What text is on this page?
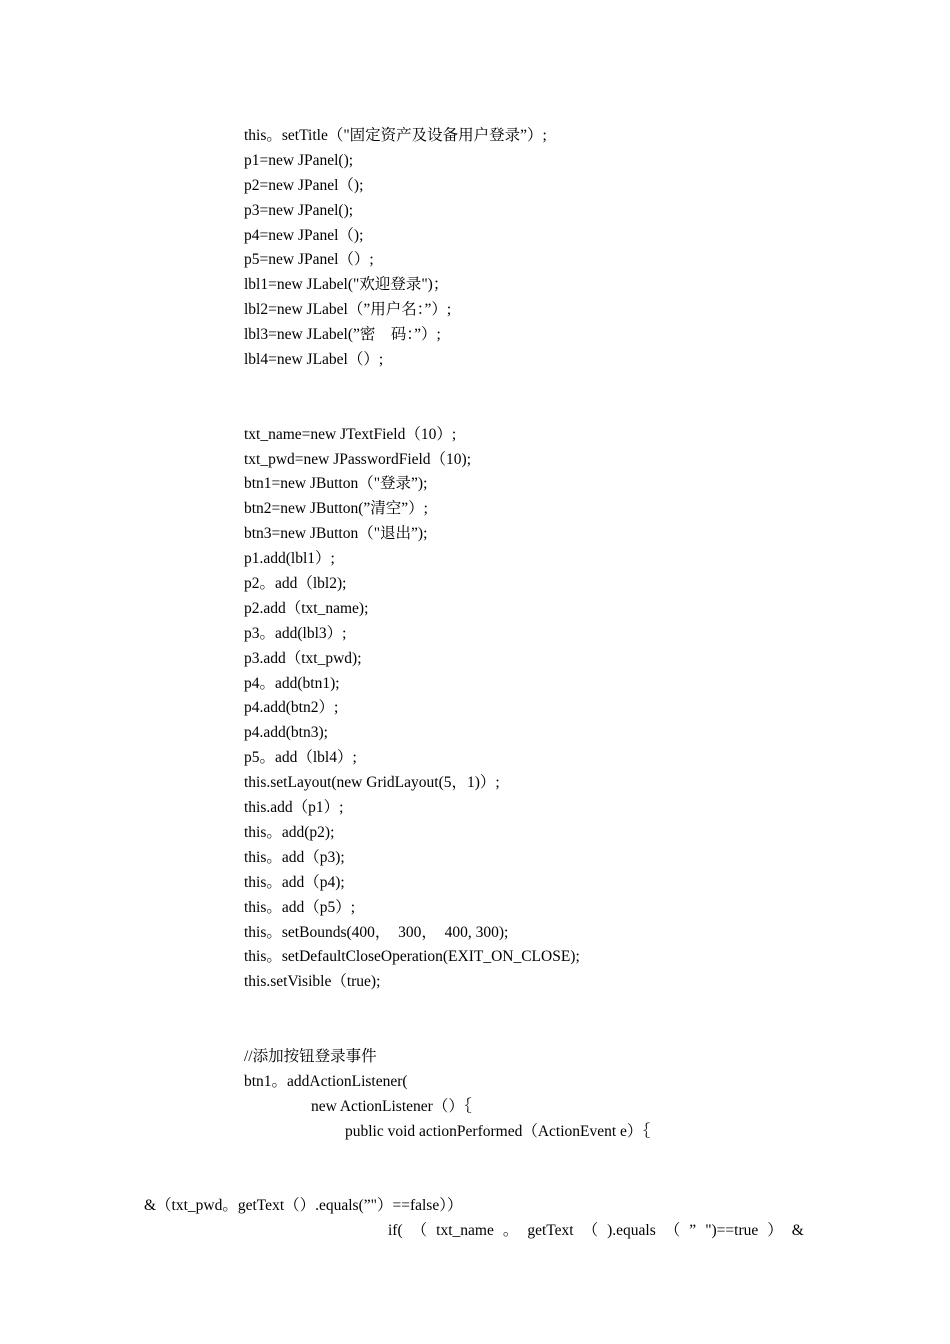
this。setTitle（"固定资产及设备用户登录”）;
p1=new JPanel();
p2=new JPanel（);
p3=new JPanel();
p4=new JPanel（);
p5=new JPanel（）;
lbl1=new JLabel("欢迎登录")；
lbl2=new JLabel（”用户名：”）;
lbl3=new JLabel(”密　码：”）;
lbl4=new JLabel（）;
txt_name=new JTextField（10）;
txt_pwd=new JPasswordField（10);
btn1=new JButton（"登录”);
btn2=new JButton(”清空”）;
btn3=new JButton（"退出”);
p1.add(lbl1）;
p2。add（lbl2);
p2.add（txt_name);
p3。add(lbl3）;
p3.add（txt_pwd);
p4。add(btn1);
p4.add(btn2）;
p4.add(btn3);
p5。add（lbl4）;
this.setLayout(new GridLayout(5，1)）;
this.add（p1）;
this。add(p2);
this。add（p3);
this。add（p4);
this。add（p5）;
this。setBounds(400，　300，　400, 300);
this。setDefaultCloseOperation(EXIT_ON_CLOSE);
this.setVisible（true);
//添加按钮登录事件
btn1。addActionListener(
new ActionListener（）｛
public void actionPerformed（ActionEvent e）｛

if( （ txt_name 。 getText （ ).equals （ ” ")==true ） &

&（txt_pwd。getText（）.equals(”"）==false））
